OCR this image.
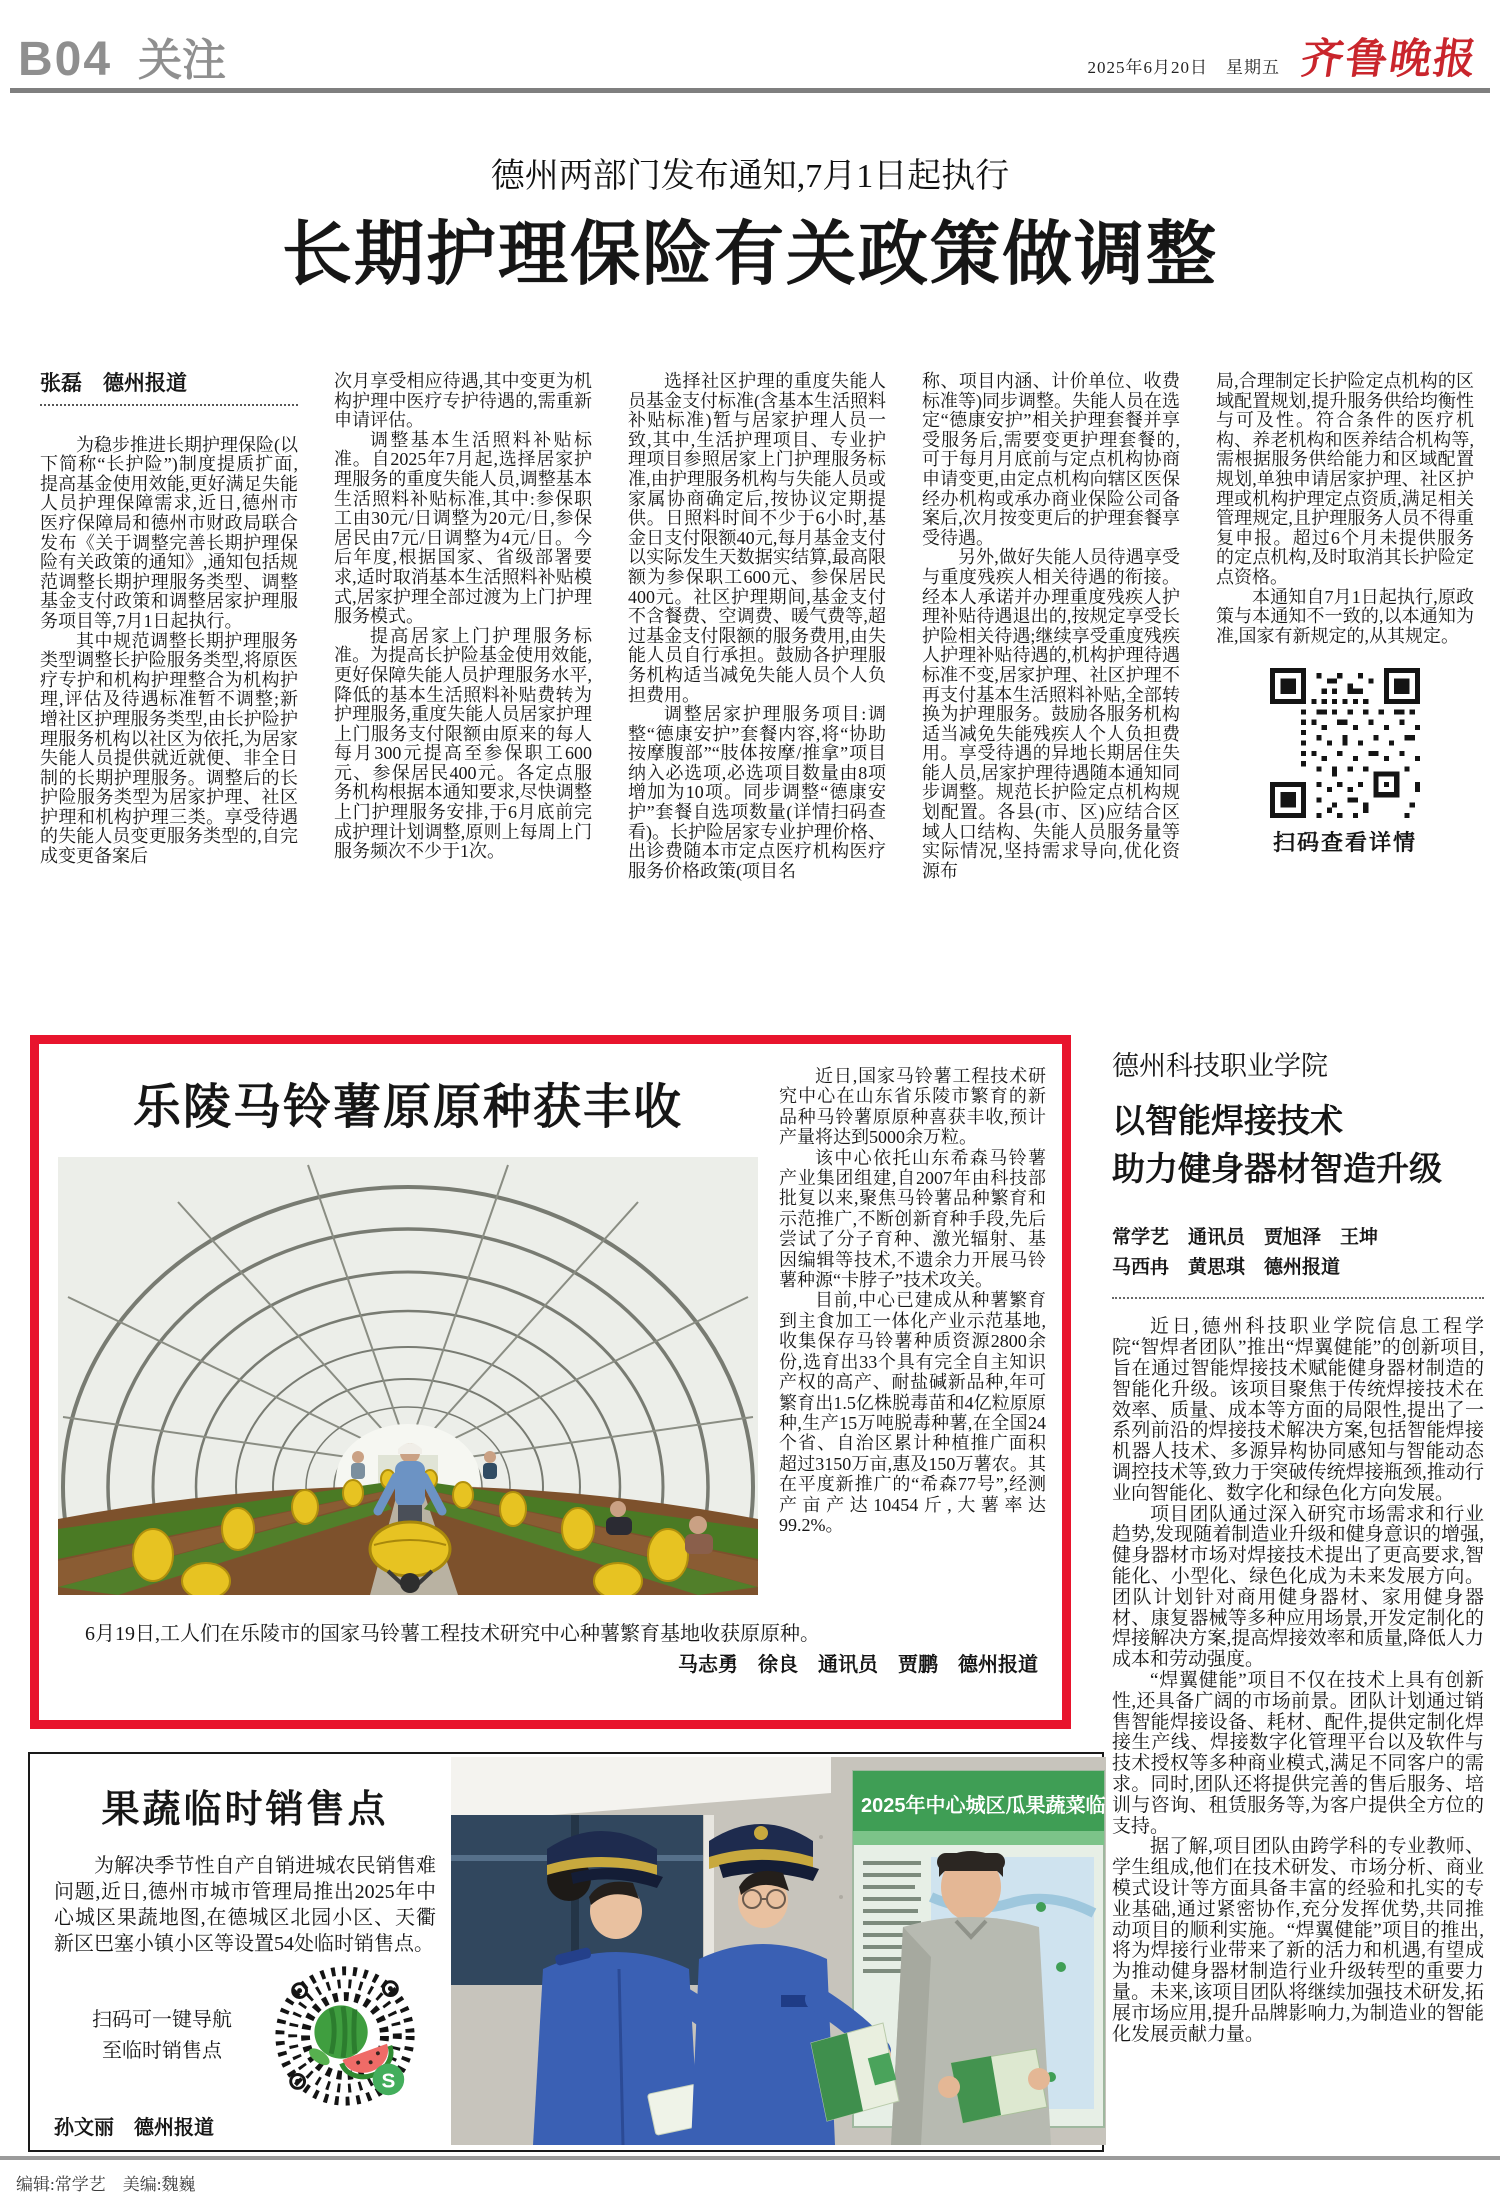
B04 关注	2025年6月20日　星期五 齐鲁晚报
德州两部门发布通知,7月1日起执行
长期护理保险有关政策做调整
张磊　德州报道

为稳步推进长期护理保险(以下简称“长护险”)制度提质扩面,提高基金使用效能,更好满足失能人员护理保障需求,近日,德州市医疗保障局和德州市财政局联合发布《关于调整完善长期护理保险有关政策的通知》,通知包括规范调整长期护理服务类型、调整基金支付政策和调整居家护理服务项目等,7月1日起执行。

其中规范调整长期护理服务类型调整长护险服务类型,将原医疗专护和机构护理整合为机构护理,评估及待遇标准暂不调整;新增社区护理服务类型,由长护险护理服务机构以社区为依托,为居家失能人员提供就近就便、非全日制的长期护理服务。调整后的长护险服务类型为居家护理、社区护理和机构护理三类。享受待遇的失能人员变更服务类型的,自完成变更备案后

次月享受相应待遇,其中变更为机构护理中医疗专护待遇的,需重新申请评估。

调整基本生活照料补贴标准。自2025年7月起,选择居家护理服务的重度失能人员,调整基本生活照料补贴标准,其中:参保职工由30元/日调整为20元/日,参保居民由7元/日调整为4元/日。今后年度,根据国家、省级部署要求,适时取消基本生活照料补贴模式,居家护理全部过渡为上门护理服务模式。

提高居家上门护理服务标准。为提高长护险基金使用效能,更好保障失能人员护理服务水平,降低的基本生活照料补贴费转为护理服务,重度失能人员居家护理上门服务支付限额由原来的每人每月300元提高至参保职工600元、参保居民400元。各定点服务机构根据本通知要求,尽快调整上门护理服务安排,于6月底前完成护理计划调整,原则上每周上门服务频次不少于1次。

选择社区护理的重度失能人员基金支付标准(含基本生活照料补贴标准)暂与居家护理人员一致,其中,生活护理项目、专业护理项目参照居家上门护理服务标准,由护理服务机构与失能人员或家属协商确定后,按协议定期提供。日照料时间不少于6小时,基金日支付限额40元,每月基金支付以实际发生天数据实结算,最高限额为参保职工600元、参保居民400元。社区护理期间,基金支付不含餐费、空调费、暖气费等,超过基金支付限额的服务费用,由失能人员自行承担。鼓励各护理服务机构适当减免失能人员个人负担费用。

调整居家护理服务项目:调整“德康安护”套餐内容,将“协助按摩腹部”“肢体按摩/推拿”项目纳入必选项,必选项目数量由8项增加为10项。同步调整“德康安护”套餐自选项数量(详情扫码查看)。长护险居家专业护理价格、出诊费随本市定点医疗机构医疗服务价格政策(项目名

称、项目内涵、计价单位、收费标准等)同步调整。失能人员在选定“德康安护”相关护理套餐并享受服务后,需要变更护理套餐的,可于每月月底前与定点机构协商申请变更,由定点机构向辖区医保经办机构或承办商业保险公司备案后,次月按变更后的护理套餐享受待遇。

另外,做好失能人员待遇享受与重度残疾人相关待遇的衔接。经本人承诺并办理重度残疾人护理补贴待遇退出的,按规定享受长护险相关待遇;继续享受重度残疾人护理补贴待遇的,机构护理待遇标准不变,居家护理、社区护理不再支付基本生活照料补贴,全部转换为护理服务。鼓励各服务机构适当减免失能残疾人个人负担费用。享受待遇的异地长期居住失能人员,居家护理待遇随本通知同步调整。规范长护险定点机构规划配置。各县(市、区)应结合区域人口结构、失能人员服务量等实际情况,坚持需求导向,优化资源布

局,合理制定长护险定点机构的区域配置规划,提升服务供给均衡性与可及性。符合条件的医疗机构、养老机构和医养结合机构等,需根据服务供给能力和区域配置规划,单独申请居家护理、社区护理或机构护理定点资质,满足相关管理规定,且护理服务人员不得重复申报。超过6个月未提供服务的定点机构,及时取消其长护险定点资格。

本通知自7月1日起执行,原政策与本通知不一致的,以本通知为准,国家有新规定的,从其规定。

扫码查看详情
乐陵马铃薯原原种获丰收

近日,国家马铃薯工程技术研究中心在山东省乐陵市繁育的新品种马铃薯原原种喜获丰收,预计产量将达到5000余万粒。

该中心依托山东希森马铃薯产业集团组建,自2007年由科技部批复以来,聚焦马铃薯品种繁育和示范推广,不断创新育种手段,先后尝试了分子育种、激光辐射、基因编辑等技术,不遗余力开展马铃薯种源“卡脖子”技术攻关。

目前,中心已建成从种薯繁育到主食加工一体化产业示范基地,收集保存马铃薯种质资源2800余份,选育出33个具有完全自主知识产权的高产、耐盐碱新品种,年可繁育出1.5亿株脱毒苗和4亿粒原原种,生产15万吨脱毒种薯,在全国24个省、自治区累计种植推广面积超过3150万亩,惠及150万薯农。其在平度新推广的“希森77号”,经测产亩产达10454斤,大薯率达99.2%。

6月19日,工人们在乐陵市的国家马铃薯工程技术研究中心种薯繁育基地收获原原种。
马志勇　徐良　通讯员　贾鹏　德州报道
德州科技职业学院
以智能焊接技术
助力健身器材智造升级
常学艺　通讯员　贾旭泽　王坤
马西冉　黄思琪　德州报道

近日,德州科技职业学院信息工程学院“智焊者团队”推出“焊翼健能”的创新项目,旨在通过智能焊接技术赋能健身器材制造的智能化升级。该项目聚焦于传统焊接技术在效率、质量、成本等方面的局限性,提出了一系列前沿的焊接技术解决方案,包括智能焊接机器人技术、多源异构协同感知与智能动态调控技术等,致力于突破传统焊接瓶颈,推动行业向智能化、数字化和绿色化方向发展。

项目团队通过深入研究市场需求和行业趋势,发现随着制造业升级和健身意识的增强,健身器材市场对焊接技术提出了更高要求,智能化、小型化、绿色化成为未来发展方向。团队计划针对商用健身器材、家用健身器材、康复器械等多种应用场景,开发定制化的焊接解决方案,提高焊接效率和质量,降低人力成本和劳动强度。

“焊翼健能”项目不仅在技术上具有创新性,还具备广阔的市场前景。团队计划通过销售智能焊接设备、耗材、配件,提供定制化焊接生产线、焊接数字化管理平台以及软件与技术授权等多种商业模式,满足不同客户的需求。同时,团队还将提供完善的售后服务、培训与咨询、租赁服务等,为客户提供全方位的支持。

据了解,项目团队由跨学科的专业教师、学生组成,他们在技术研发、市场分析、商业模式设计等方面具备丰富的经验和扎实的专业基础,通过紧密协作,充分发挥优势,共同推动项目的顺利实施。“焊翼健能”项目的推出,将为焊接行业带来了新的活力和机遇,有望成为推动健身器材制造行业升级转型的重要力量。未来,该项目团队将继续加强技术研发,拓展市场应用,提升品牌影响力,为制造业的智能化发展贡献力量。

果蔬临时销售点
为解决季节性自产自销进城农民销售难问题,近日,德州市城市管理局推出2025年中心城区果蔬地图,在德城区北园小区、天衢新区巴塞小镇小区等设置54处临时销售点。
扫码可一键导航
至临时销售点
S
孙文丽　德州报道
2025年中心城区瓜果蔬菜临
编辑:常学艺　美编:魏巍
